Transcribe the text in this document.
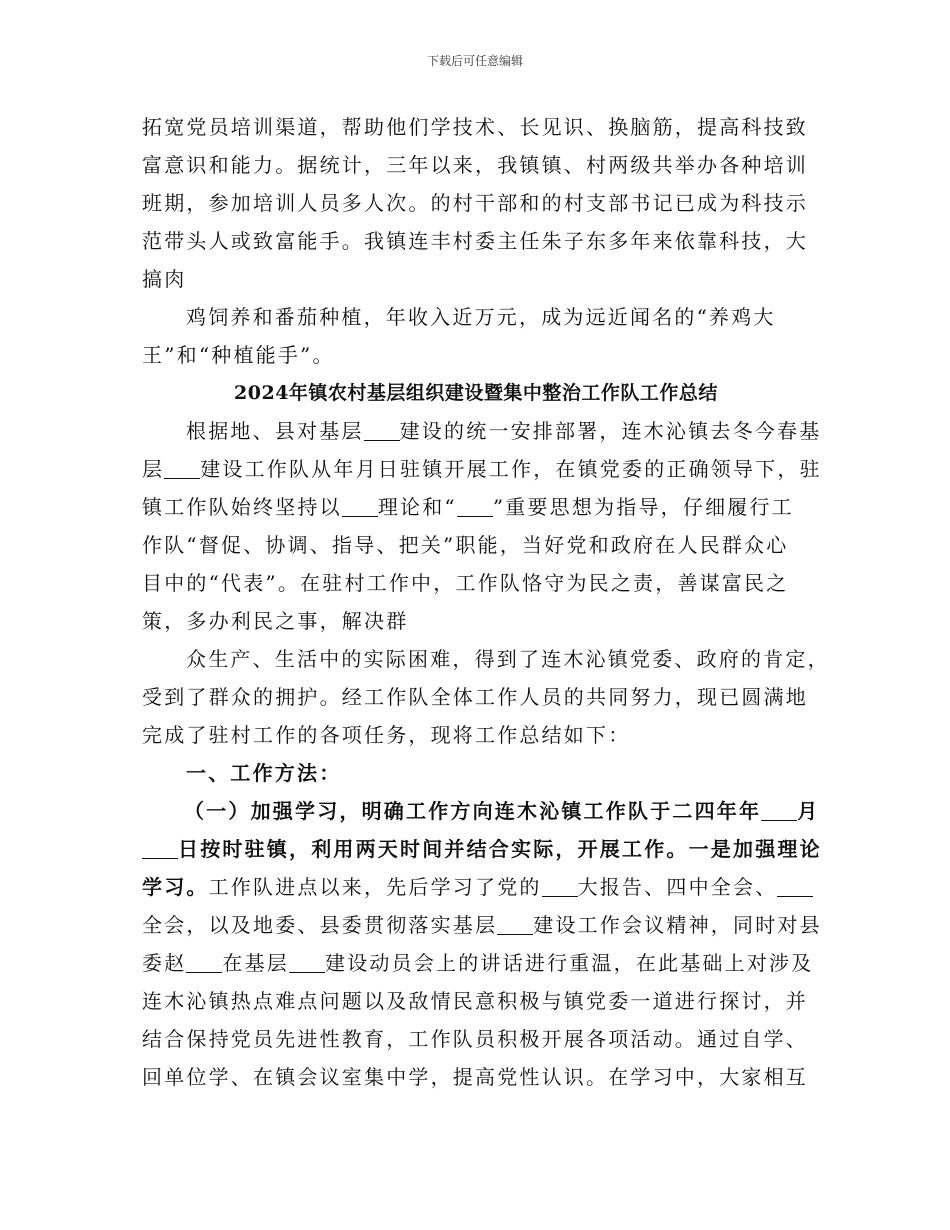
下载后可任意编辑
拓宽党员培训渠道，帮助他们学技术、长见识、换脑筋，提高科技致
富意识和能力。据统计，三年以来，我镇镇、村两级共举办各种培训
班期，参加培训人员多人次。的村干部和的村支部书记已成为科技示
范带头人或致富能手。我镇连丰村委主任朱子东多年来依靠科技，大
搞肉
鸡饲养和番茄种植，年收入近万元，成为远近闻名的“养鸡大
王”和“种植能手”。
2024年镇农村基层组织建设暨集中整治工作队工作总结
根据地、县对基层 建设的统一安排部署，连木沁镇去冬今春基
层 建设工作队从年月日驻镇开展工作，在镇党委的正确领导下，驻
镇工作队始终坚持以 理论和“ ”重要思想为指导，仔细履行工
作队“督促、协调、指导、把关”职能，当好党和政府在人民群众心
目中的“代表”。在驻村工作中，工作队恪守为民之责，善谋富民之
策，多办利民之事，解决群
众生产、生活中的实际困难，得到了连木沁镇党委、政府的肯定，
受到了群众的拥护。经工作队全体工作人员的共同努力，现已圆满地
完成了驻村工作的各项任务，现将工作总结如下：
一、工作方法：
（一）加强学习，明确工作方向连木沁镇工作队于二四年年 月
日按时驻镇，利用两天时间并结合实际，开展工作。一是加强理论
学习。工作队进点以来，先后学习了党的 大报告、四中全会、
全会，以及地委、县委贯彻落实基层 建设工作会议精神，同时对县
委赵 在基层 建设动员会上的讲话进行重温，在此基础上对涉及
连木沁镇热点难点问题以及敌情民意积极与镇党委一道进行探讨，并
结合保持党员先进性教育，工作队员积极开展各项活动。通过自学、
回单位学、在镇会议室集中学，提高党性认识。在学习中，大家相互
